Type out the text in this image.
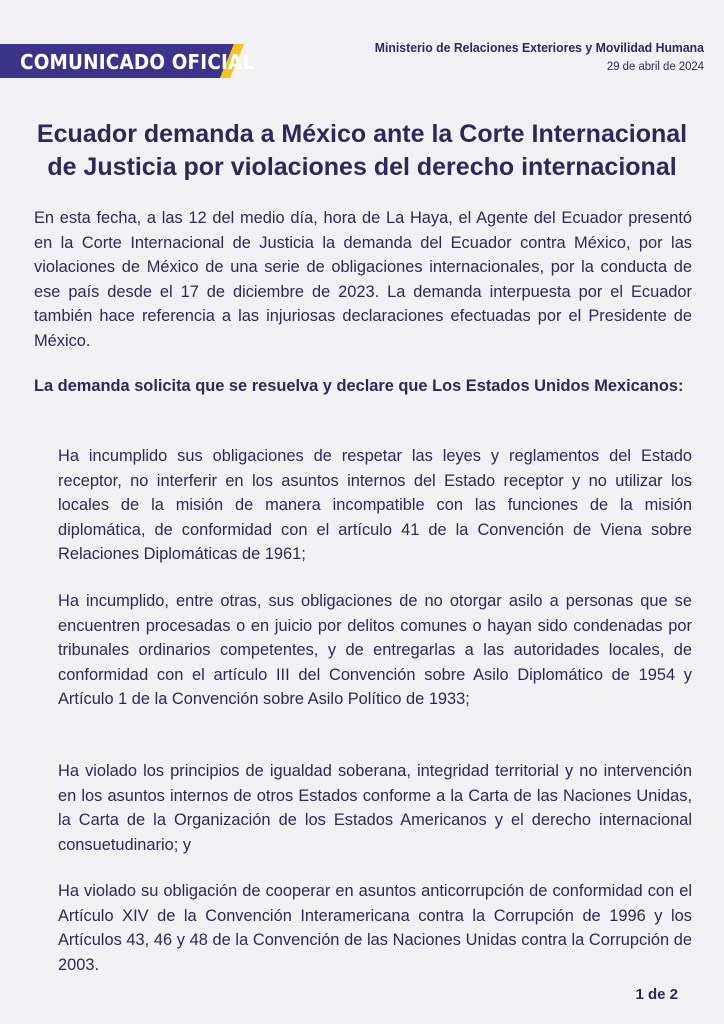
COMUNICADO OFICIAL
Ministerio de Relaciones Exteriores y Movilidad Humana
29 de abril de 2024
Ecuador demanda a México ante la Corte Internacional de Justicia por violaciones del derecho internacional
En esta fecha, a las 12 del medio día, hora de La Haya, el Agente del Ecuador presentó en la Corte Internacional de Justicia la demanda del Ecuador contra México, por las violaciones de México de una serie de obligaciones internacionales, por la conducta de ese país desde el 17 de diciembre de 2023. La demanda interpuesta por el Ecuador también hace referencia a las injuriosas declaraciones efectuadas por el Presidente de México.
La demanda solicita que se resuelva y declare que Los Estados Unidos Mexicanos:
Ha incumplido sus obligaciones de respetar las leyes y reglamentos del Estado receptor, no interferir en los asuntos internos del Estado receptor y no utilizar los locales de la misión de manera incompatible con las funciones de la misión diplomática, de conformidad con el artículo 41 de la Convención de Viena sobre Relaciones Diplomáticas de 1961;
Ha incumplido, entre otras, sus obligaciones de no otorgar asilo a personas que se encuentren procesadas o en juicio por delitos comunes o hayan sido condenadas por tribunales ordinarios competentes, y de entregarlas a las autoridades locales, de conformidad con el artículo III del Convención sobre Asilo Diplomático de 1954 y Artículo 1 de la Convención sobre Asilo Político de 1933;
Ha violado los principios de igualdad soberana, integridad territorial y no intervención en los asuntos internos de otros Estados conforme a la Carta de las Naciones Unidas, la Carta de la Organización de los Estados Americanos y el derecho internacional consuetudinario; y
Ha violado su obligación de cooperar en asuntos anticorrupción de conformidad con el Artículo XIV de la Convención Interamericana contra la Corrupción de 1996 y los Artículos 43, 46 y 48 de la Convención de las Naciones Unidas contra la Corrupción de 2003.
1 de 2
